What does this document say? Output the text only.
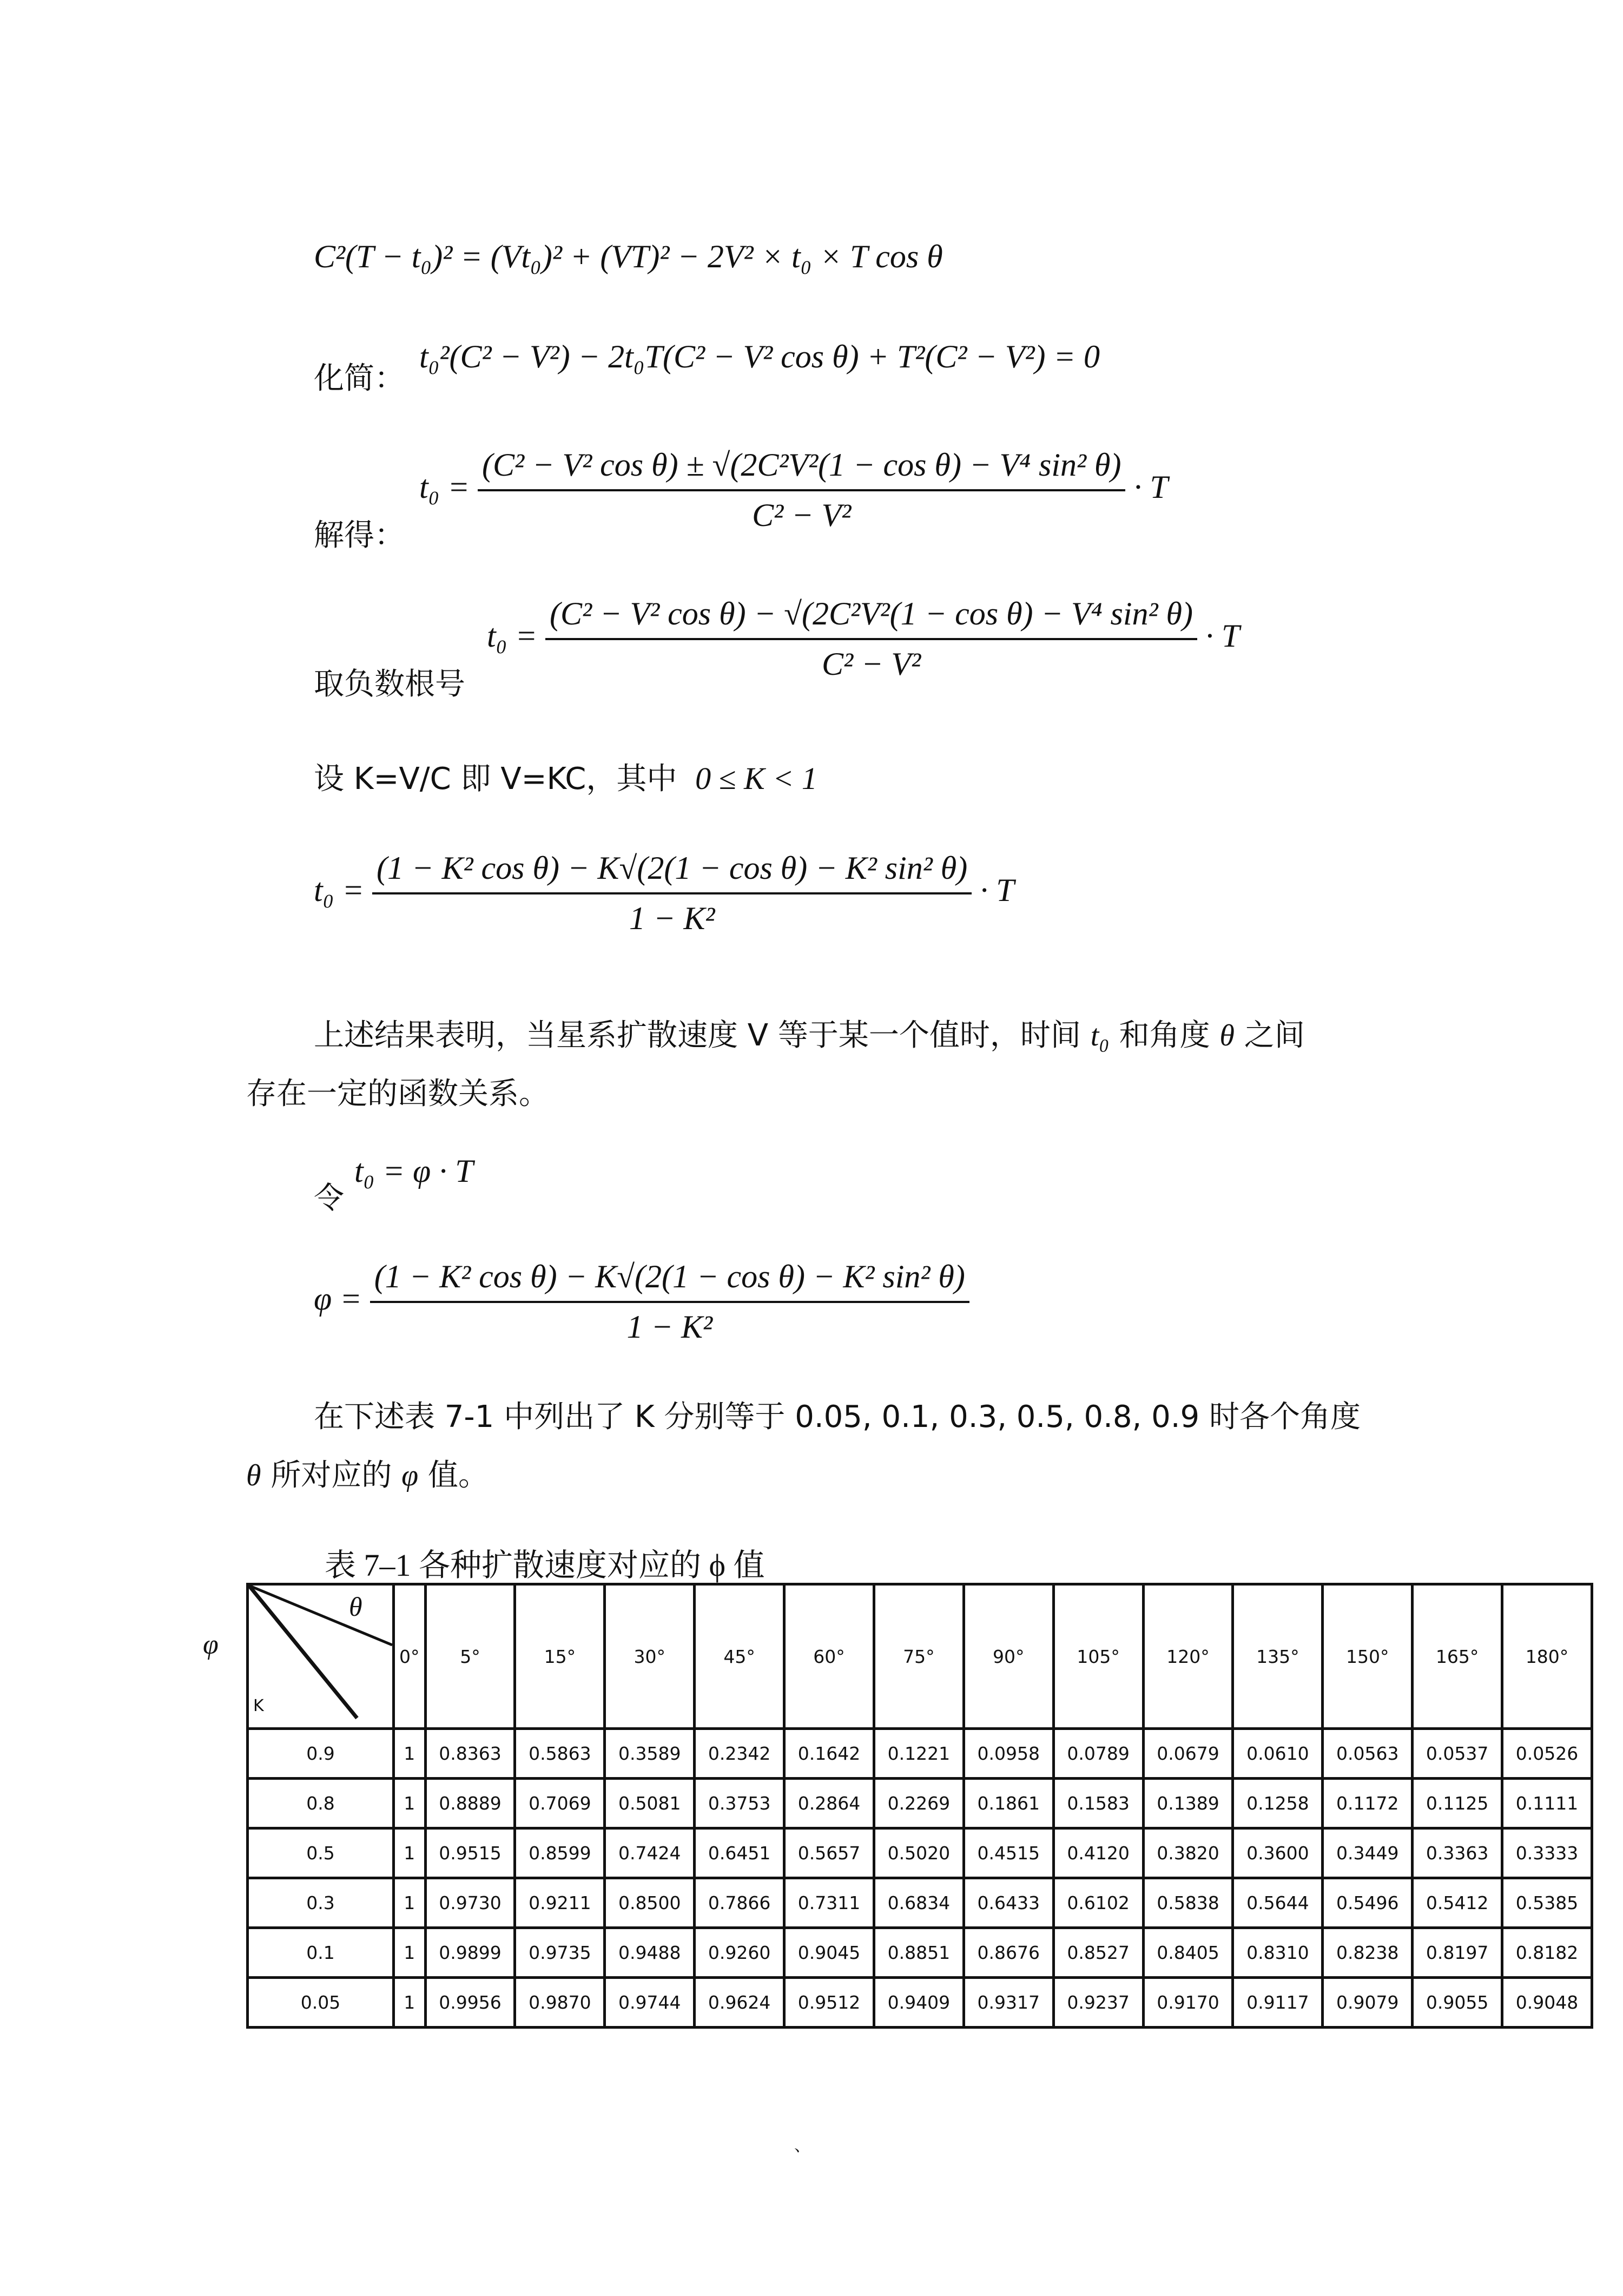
C²(T − t₀)² = (Vt₀)² + (VT)² − 2V² × t₀ × T cos θ
化简：
t₀²(C² − V²) − 2t₀T(C² − V² cos θ) + T²(C² − V²) = 0
解得：
$t_0 = \frac{\text{(C² − V² cos θ) ± √(2C²V²(1 − cos θ) − V⁴ sin² θ)}}{\text{C² − V²}} \cdot T$
取负数根号
$t_0 = \frac{\text{(C² − V² cos θ) − √(2C²V²(1 − cos θ) − V⁴ sin² θ)}}{\text{C² − V²}} \cdot T$
设 K=V/C 即 V=KC，其中 0 ≤ K < 1
$t_0 = \frac{\text{(1 − K² cos θ) − K√(2(1 − cos θ) − K² sin² θ)}}{\text{1 − K²}} \cdot T$
上述结果表明，当星系扩散速度 V 等于某一个值时，时间 t₀ 和角度 θ 之间
存在一定的函数关系。
令
t₀ = φ · T
$\varphi = \frac{\text{(1 − K² cos θ) − K√(2(1 − cos θ) − K² sin² θ)}}{\text{1 − K²}}$
在下述表 7-1 中列出了 K 分别等于 0.05, 0.1, 0.3, 0.5, 0.8, 0.9 时各个角度
θ 所对应的 φ 值。
表 7–1 各种扩散速度对应的 ϕ 值
φ
θ
K	0°	5°	15°	30°	45°	60°	75°	90°	105°	120°	135°	150°	165°	180°
0.9	1	0.8363	0.5863	0.3589	0.2342	0.1642	0.1221	0.0958	0.0789	0.0679	0.0610	0.0563	0.0537	0.0526
0.8	1	0.8889	0.7069	0.5081	0.3753	0.2864	0.2269	0.1861	0.1583	0.1389	0.1258	0.1172	0.1125	0.1111
0.5	1	0.9515	0.8599	0.7424	0.6451	0.5657	0.5020	0.4515	0.4120	0.3820	0.3600	0.3449	0.3363	0.3333
0.3	1	0.9730	0.9211	0.8500	0.7866	0.7311	0.6834	0.6433	0.6102	0.5838	0.5644	0.5496	0.5412	0.5385
0.1	1	0.9899	0.9735	0.9488	0.9260	0.9045	0.8851	0.8676	0.8527	0.8405	0.8310	0.8238	0.8197	0.8182
0.05	1	0.9956	0.9870	0.9744	0.9624	0.9512	0.9409	0.9317	0.9237	0.9170	0.9117	0.9079	0.9055	0.9048
、
